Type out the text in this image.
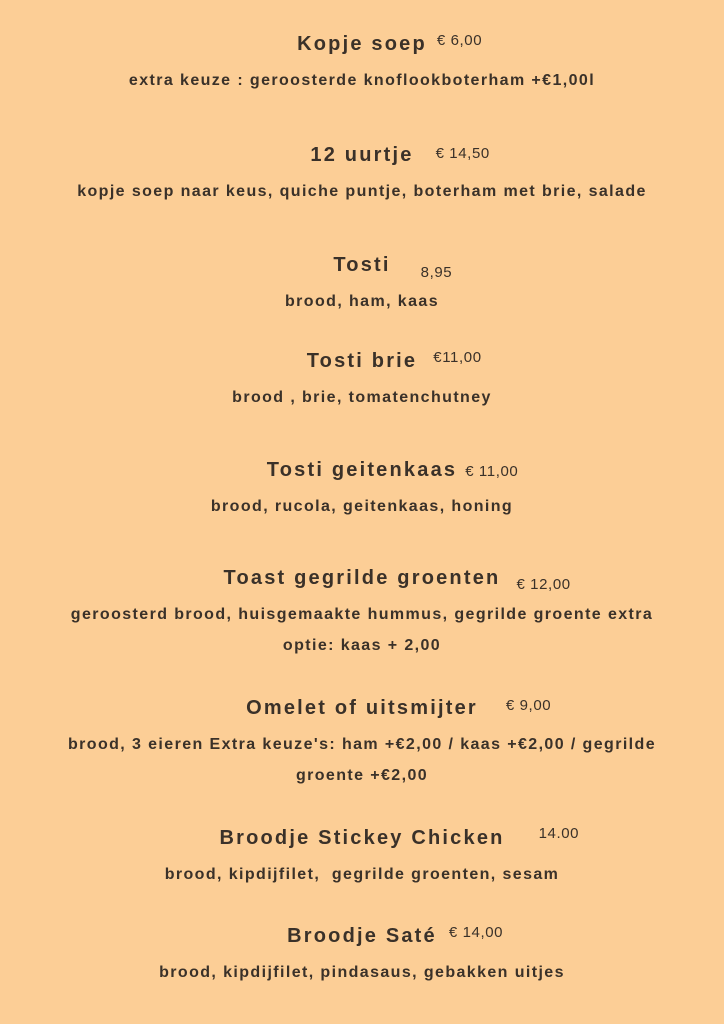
Kopje soep € 6,00
extra keuze : geroosterde knoflookboterham +€1,00l
12 uurtje € 14,50
kopje soep naar keus, quiche puntje, boterham met brie, salade
Tosti 8,95
brood, ham, kaas
Tosti brie €11,00
brood , brie, tomatenchutney
Tosti geitenkaas € 11,00
brood, rucola, geitenkaas, honing
Toast gegrilde groenten € 12,00
geroosterd brood, huisgemaakte hummus, gegrilde groente extra
optie: kaas + 2,00
Omelet of uitsmijter € 9,00
brood, 3 eieren Extra keuze's: ham +€2,00 / kaas +€2,00 / gegrilde
groente +€2,00
Broodje Stickey Chicken 14.00
brood, kipdijfilet,  gegrilde groenten, sesam
Broodje Saté € 14,00
brood, kipdijfilet, pindasaus, gebakken uitjes
